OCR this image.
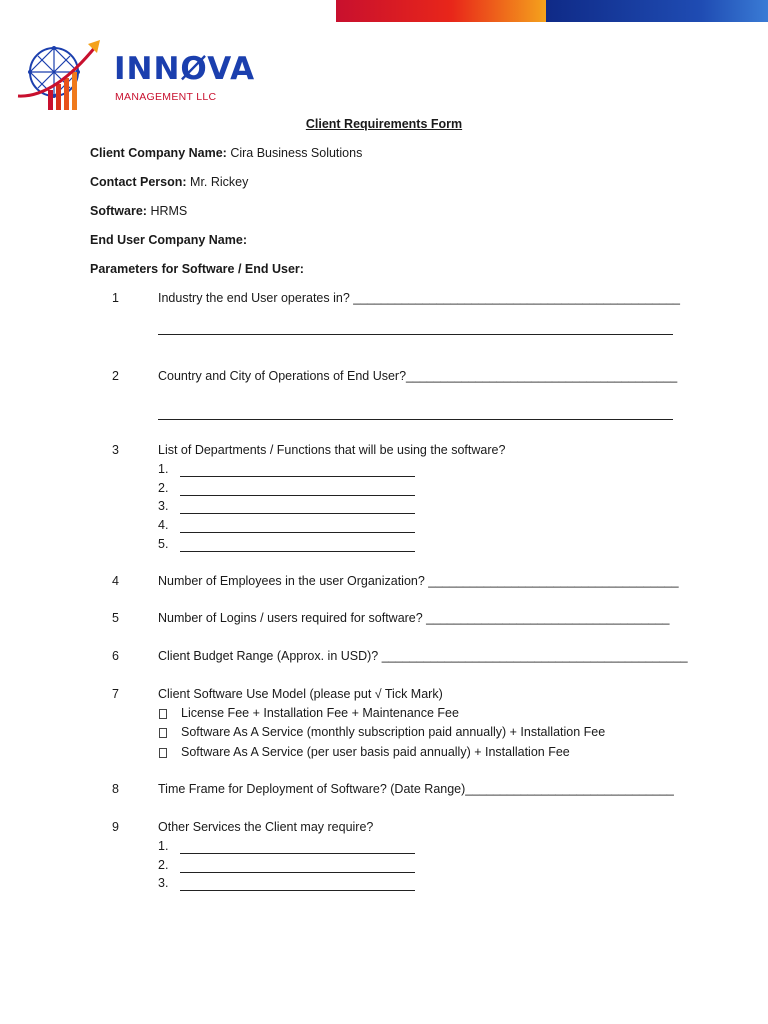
INNØVA
MANAGEMENT LLC
Client Requirements Form
Client Company Name: Cira Business Solutions
Contact Person: Mr. Rickey
Software: HRMS
End User Company Name:
Parameters for Software / End User:
1	Industry the end User operates in? _______________________________________________
2	Country and City of Operations of End User?_______________________________________
3	List of Departments / Functions that will be using the software?
1.
2.
3.
4.
5.
4	Number of Employees in the user Organization? ____________________________________
5	Number of Logins / users required for software? ___________________________________
6	Client Budget Range (Approx. in USD)? ____________________________________________
7	Client Software Use Model (please put √ Tick Mark)
License Fee + Installation Fee + Maintenance Fee
Software As A Service (monthly subscription paid annually) + Installation Fee
Software As A Service (per user basis paid annually) + Installation Fee
8	Time Frame for Deployment of Software? (Date Range)______________________________
9	Other Services the Client may require?
1.
2.
3.
